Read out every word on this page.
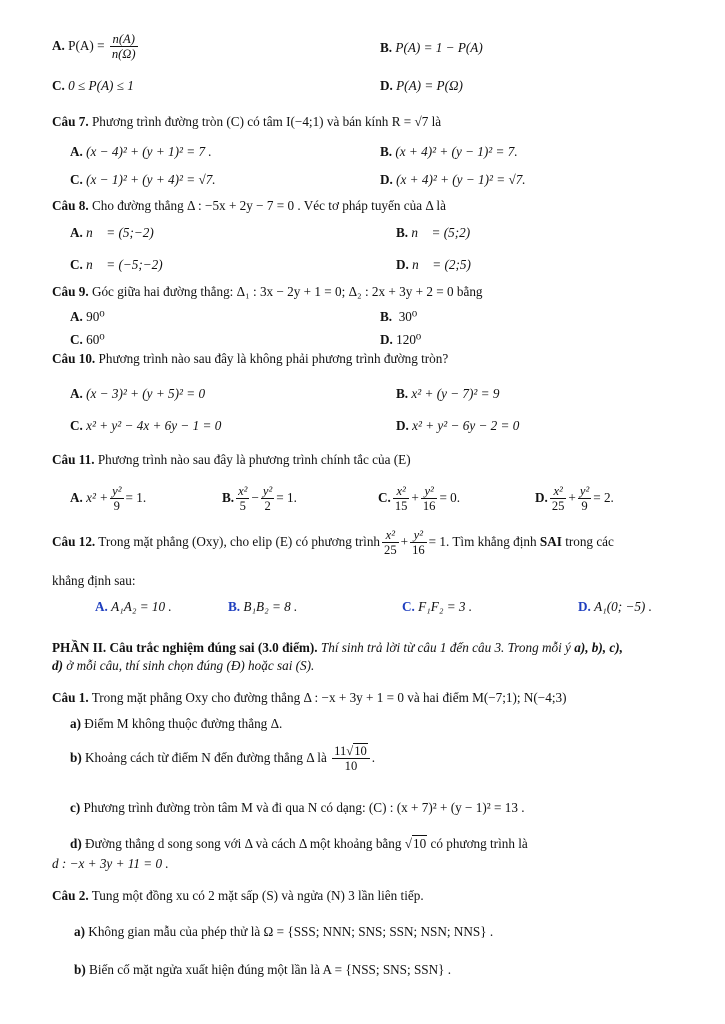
A. $P(A) = \frac{n(A)}{n(\Omega)}$	B. P(A) = 1 − P(A)
C. 0 ≤ P(A) ≤ 1	D. P(A) = P(Ω)
Câu 7. Phương trình đường tròn (C) có tâm I(−4;1) và bán kính R = √7 là
A. (x − 4)² + (y + 1)² = 7 .	B. (x + 4)² + (y − 1)² = 7.
C. (x − 1)² + (y + 4)² = √7.	D. (x + 4)² + (y − 1)² = √7.
Câu 8. Cho đường thẳng Δ : −5x + 2y − 7 = 0 . Véc tơ pháp tuyến của Δ là
A. n⃗ = (5;−2)	B. n⃗ = (5;2)
C. n⃗ = (−5;−2)	D. n⃗ = (2;5)
Câu 9. Góc giữa hai đường thẳng: Δ₁ : 3x − 2y + 1 = 0; Δ₂ : 2x + 3y + 2 = 0 bằng
A. 90⁰	B. 30⁰
C. 60⁰	D. 120⁰
Câu 10. Phương trình nào sau đây là không phải phương trình đường tròn?
A. (x − 3)² + (y + 5)² = 0	B. x² + (y − 7)² = 9
C. x² + y² − 4x + 6y − 1 = 0	D. x² + y² − 6y − 2 = 0
Câu 11. Phương trình nào sau đây là phương trình chính tắc của (E)
A. $x^2 + \frac{\text{y²}}{9} = 1$.	B. $\frac{\text{x²}}{5} - \frac{\text{y²}}{2} = 1$.	C. $\frac{\text{x²}}{15} + \frac{\text{y²}}{16} = 0$.	D. $\frac{\text{x²}}{25} + \frac{\text{y²}}{9} = 2$.
Câu 12. Trong mặt phẳng (Oxy), cho elip (E) có phương trình $\frac{\text{x²}}{25} + \frac{\text{y²}}{16} = 1$. Tìm khẳng định SAI trong các
khẳng định sau:
A. A₁A₂ = 10 .	B. B₁B₂ = 8 .	C. F₁F₂ = 3 .	D. A₁(0; −5) .
PHẦN II. Câu trắc nghiệm đúng sai (3.0 điểm). Thí sinh trả lời từ câu 1 đến câu 3. Trong mỗi ý a), b), c),
d) ở mỗi câu, thí sinh chọn đúng (Đ) hoặc sai (S).
Câu 1. Trong mặt phẳng Oxy cho đường thẳng Δ : −x + 3y + 1 = 0 và hai điểm M(−7;1); N(−4;3)
a) Điểm M không thuộc đường thẳng Δ.
b) Khoảng cách từ điểm N đến đường thẳng Δ là $\frac{11√10}{10}$ .
c) Phương trình đường tròn tâm M và đi qua N có dạng: (C) : (x + 7)² + (y − 1)² = 13 .
d) Đường thẳng d song song với Δ và cách Δ một khoảng bằng √10 có phương trình là
d : −x + 3y + 11 = 0 .
Câu 2. Tung một đồng xu có 2 mặt sấp (S) và ngửa (N) 3 lần liên tiếp.
a) Không gian mẫu của phép thử là Ω = {SSS; NNN; SNS; SSN; NSN; NNS} .
b) Biến cố mặt ngửa xuất hiện đúng một lần là A = {NSS; SNS; SSN} .
